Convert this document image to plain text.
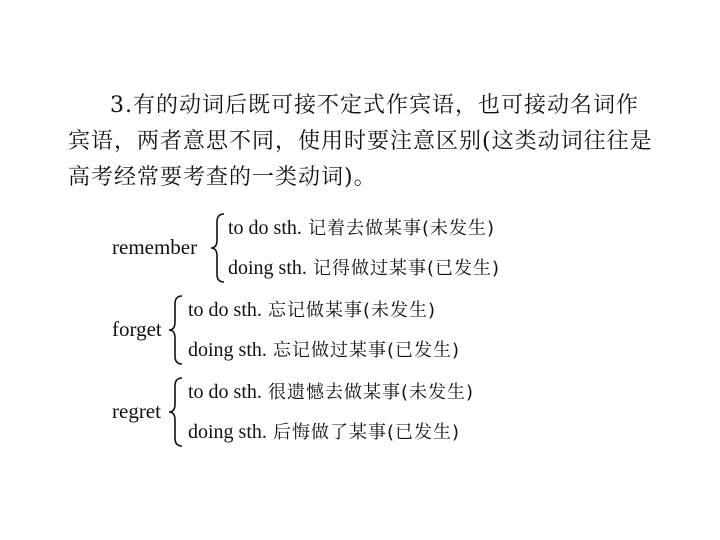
3.有的动词后既可接不定式作宾语，也可接动名词作
宾语，两者意思不同，使用时要注意区别(这类动词往往是
高考经常要考查的一类动词)。
remember
to do sth. 记着去做某事(未发生)
doing sth. 记得做过某事(已发生)
forget
to do sth. 忘记做某事(未发生)
doing sth. 忘记做过某事(已发生)
regret
to do sth. 很遗憾去做某事(未发生)
doing sth. 后悔做了某事(已发生)
